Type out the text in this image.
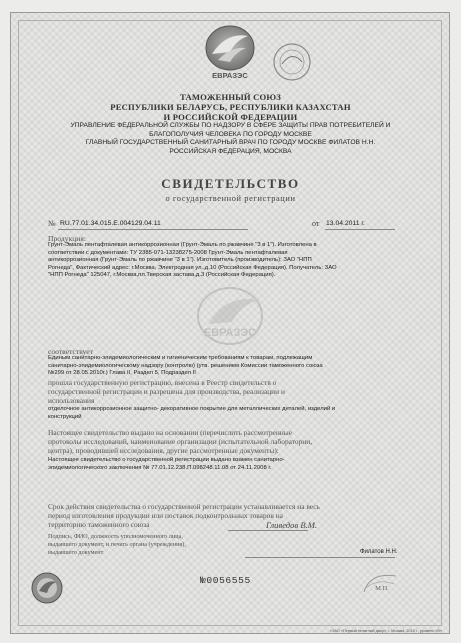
ЕВРАЗЭС
ТАМОЖЕННЫЙ СОЮЗ
РЕСПУБЛИКИ БЕЛАРУСЬ, РЕСПУБЛИКИ КАЗАХСТАН
И РОССИЙСКОЙ ФЕДЕРАЦИИ
УПРАВЛЕНИЕ ФЕДЕРАЛЬНОЙ СЛУЖБЫ ПО НАДЗОРУ В СФЕРЕ ЗАЩИТЫ ПРАВ ПОТРЕБИТЕЛЕЙ И
БЛАГОПОЛУЧИЯ ЧЕЛОВЕКА ПО ГОРОДУ МОСКВЕ
ГЛАВНЫЙ ГОСУДАРСТВЕННЫЙ САНИТАРНЫЙ ВРАЧ ПО ГОРОДУ МОСКВЕ ФИЛАТОВ Н.Н.
РОССИЙСКАЯ ФЕДЕРАЦИЯ, МОСКВА
СВИДЕТЕЛЬСТВО
о государственной регистрации
№ RU.77.01.34.015.E.004129.04.11	от 13.04.2011 г.
Продукция:
Грунт-Эмаль пентафталевая антикоррозионная (Грунт-Эмаль по ржавчине "3 в 1"). Изготовлена в
соответствии с документами: ТУ 2385-071-13238275-2008 Грунт-Эмаль пентафталевая
антикоррозионная (Грунт-Эмаль по ржавчине "3 в 1"). Изготовитель (производитель): ЗАО "НПП
Рогнеда", Фактический адрес: г.Москва, Электродная ул.,д.10 (Российская Федерация). Получатель: ЗАО
"НПП Рогнеда" 125047, г.Москва,пл.Тверская застава,д.3 (Российская Федерация).
ЕВРАЗЭС
соответствует
Единым санитарно-эпидемиологическим и гигиеническим требованиям к товарам, подлежащим
санитарно-эпидемиологическому надзору (контролю) (утв. решением Комиссии таможенного союза
№299 от 28.05.2010г.) Глава II, Раздел 5, Подраздел II
прошла государственную регистрацию, внесена в Реестр свидетельств о
государственной регистрации и разрешена для производства, реализации и
использования
отделочное антикоррозионное защитно- декоративное покрытие для металлических деталей, изделий и
конструкций
Настоящее свидетельство выдано на основании (перечислить рассмотренные
протоколы исследований, наименование организации (испытательной лаборатории,
центра), проводившей исследования, другие рассмотренные документы):
Настоящее свидетельство о государственной регистрации выдано взамен санитарно-
эпидемиологического заключения № 77.01.12.238.П.098248.11.08 от 24.11.2008 г.
Срок действия свидетельства о государственной регистрации устанавливается на весь
период изготовления продукции или поставок подконтрольных товаров на
территорию таможенного союза	Гливедов В.М.
Подпись, ФИО, должность уполномоченного лица,
выдавшего документ, и печать органа (учреждения),
выдавшего документ	Филатов Н.Н.
М.П.
№0056555
«ЗАО «Первый печатный двор», г. Москва, 2010 г., уровень «В»
